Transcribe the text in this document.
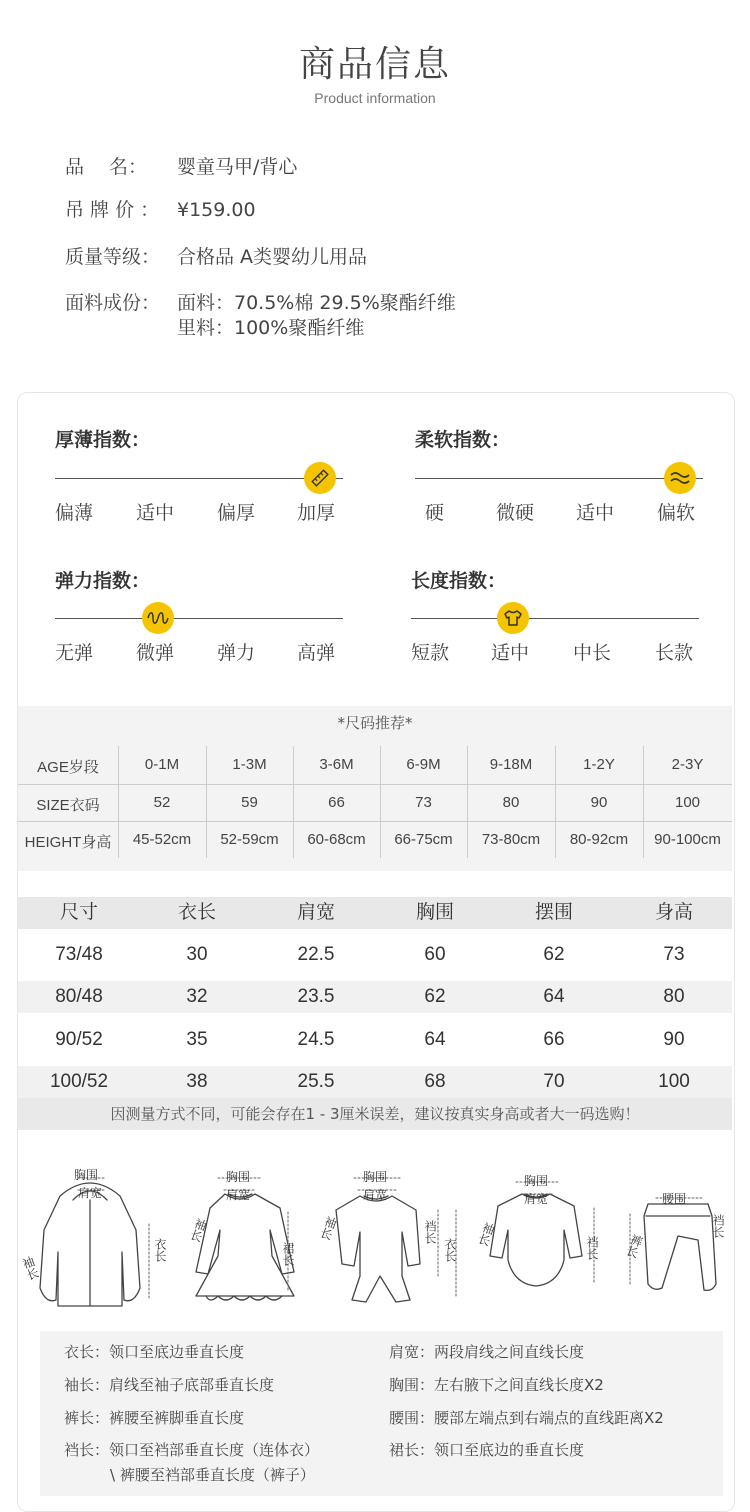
商品信息
Product information
品　 名： 婴童马甲/背心
吊 牌 价 ： ¥159.00
质量等级： 合格品 A类婴幼儿用品
面料成份： 面料：70.5%棉 29.5%聚酯纤维
里料：100%聚酯纤维
厚薄指数：
偏薄 适中 偏厚 加厚
柔软指数：
硬	微硬 适中 偏软
弹力指数：
无弹 微弹 弹力 高弹
长度指数：
短款 适中 中长 长款
*尺码推荐*
AGE岁段	0-1M	1-3M	3-6M	6-9M	9-18M	1-2Y	2-3Y
SIZE衣码	52	59	66	73	80	90	100
HEIGHT身高	45-52cm	52-59cm	60-68cm	66-75cm	73-80cm	80-92cm	90-100cm
尺寸	衣长	肩宽	胸围	摆围	身高
73/48	30	22.5	60	62	73
80/48	32	23.5	62	64	80
90/52	35	24.5	64	66	90
100/52	38	25.5	68	70	100
因测量方式不同，可能会存在1 - 3厘米误差，建议按真实身高或者大一码选购！
胸围
肩宽
袖长
衣长
胸围
肩宽
袖长
裙长
胸围
肩宽
袖长	裆长
衣长
胸围
肩宽
袖长
裆长
腰围
裤长
裆长
衣长：领口至底边垂直长度
袖长：肩线至袖子底部垂直长度
裤长：裤腰至裤脚垂直长度
裆长：领口至裆部垂直长度（连体衣）
\ 裤腰至裆部垂直长度（裤子）
肩宽：两段肩线之间直线长度
胸围：左右腋下之间直线长度X2
腰围：腰部左端点到右端点的直线距离X2
裙长：领口至底边的垂直长度
